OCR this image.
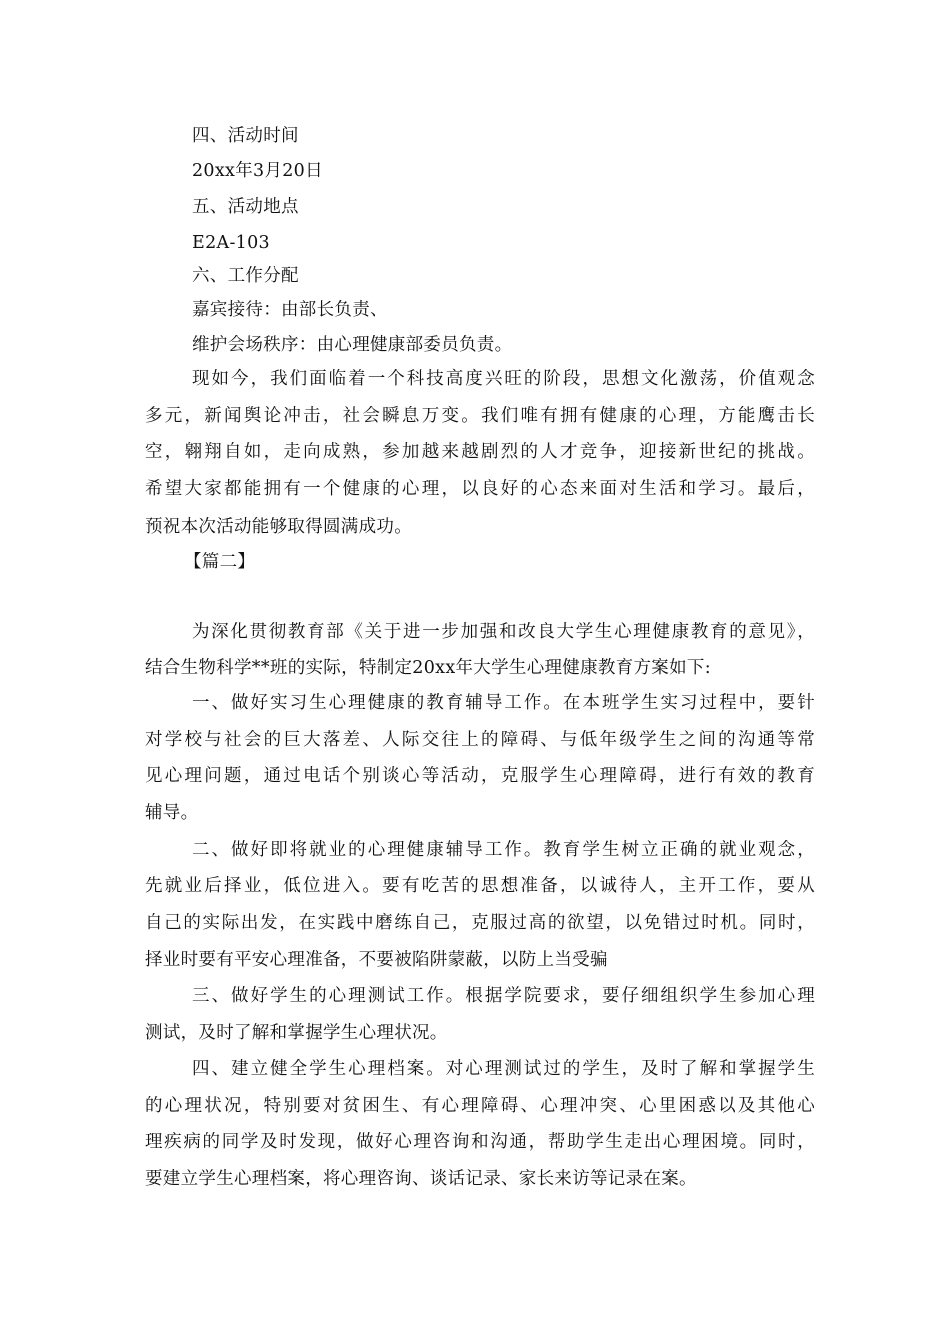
四、活动时间
20xx年3月20日
五、活动地点
E2A-103
六、工作分配
嘉宾接待：由部长负责、
维护会场秩序：由心理健康部委员负责。
现如今，我们面临着一个科技高度兴旺的阶段，思想文化激荡，价值观念
多元，新闻舆论冲击，社会瞬息万变。我们唯有拥有健康的心理，方能鹰击长
空，翱翔自如，走向成熟，参加越来越剧烈的人才竞争，迎接新世纪的挑战。
希望大家都能拥有一个健康的心理，以良好的心态来面对生活和学习。最后，
预祝本次活动能够取得圆满成功。
【篇二】
为深化贯彻教育部《关于进一步加强和改良大学生心理健康教育的意见》，
结合生物科学**班的实际，特制定20xx年大学生心理健康教育方案如下:
一、做好实习生心理健康的教育辅导工作。在本班学生实习过程中，要针
对学校与社会的巨大落差、人际交往上的障碍、与低年级学生之间的沟通等常
见心理问题，通过电话个别谈心等活动，克服学生心理障碍，进行有效的教育
辅导。
二、做好即将就业的心理健康辅导工作。教育学生树立正确的就业观念，
先就业后择业，低位进入。要有吃苦的思想准备，以诚待人，主开工作，要从
自己的实际出发，在实践中磨练自己，克服过高的欲望，以免错过时机。同时，
择业时要有平安心理准备，不要被陷阱蒙蔽，以防上当受骗
三、做好学生的心理测试工作。根据学院要求，要仔细组织学生参加心理
测试，及时了解和掌握学生心理状况。
四、建立健全学生心理档案。对心理测试过的学生，及时了解和掌握学生
的心理状况，特别要对贫困生、有心理障碍、心理冲突、心里困惑以及其他心
理疾病的同学及时发现，做好心理咨询和沟通，帮助学生走出心理困境。同时，
要建立学生心理档案，将心理咨询、谈话记录、家长来访等记录在案。
